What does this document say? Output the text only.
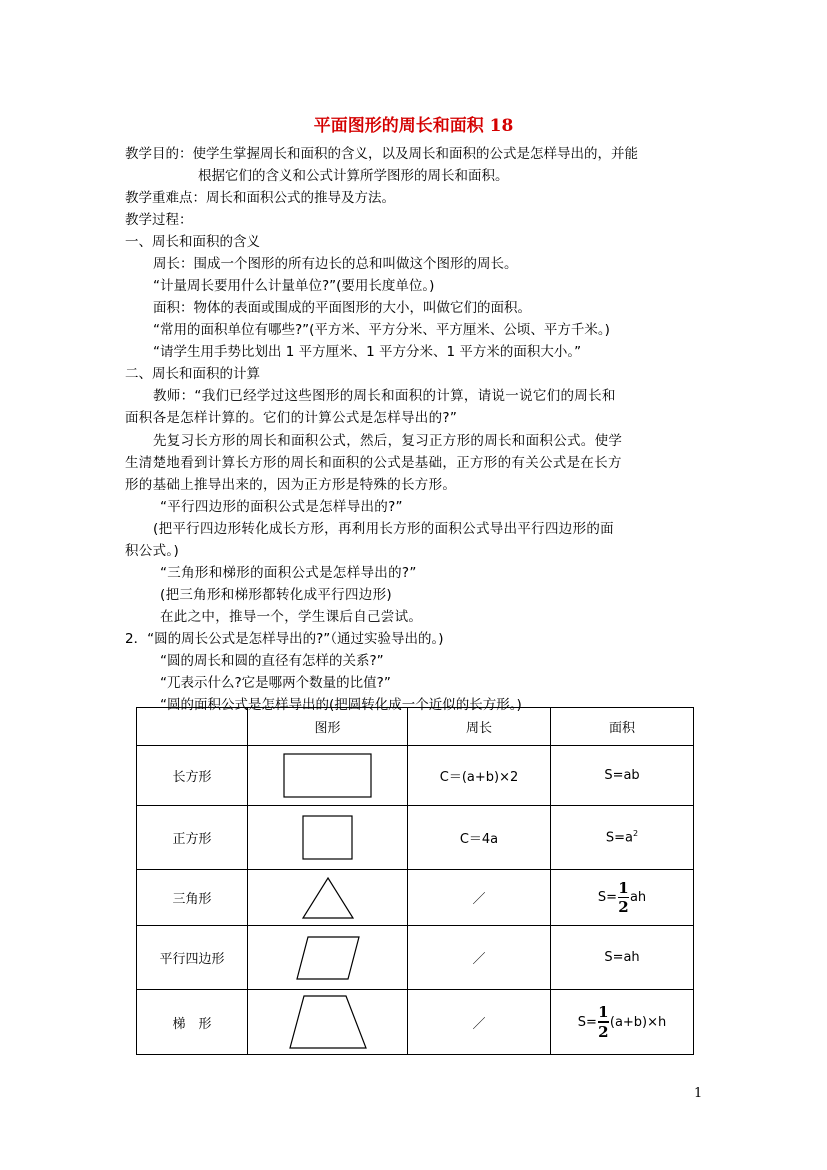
平面图形的周长和面积 18
教学目的：使学生掌握周长和面积的含义，以及周长和面积的公式是怎样导出的，并能
根据它们的含义和公式计算所学图形的周长和面积。
教学重难点：周长和面积公式的推导及方法。
教学过程：
一、周长和面积的含义
周长：围成一个图形的所有边长的总和叫做这个图形的周长。
“计量周长要用什么计量单位?”(要用长度单位。)
面积：物体的表面或围成的平面图形的大小，叫做它们的面积。
“常用的面积单位有哪些?”(平方米、平方分米、平方厘米、公顷、平方千米。)
“请学生用手势比划出 1 平方厘米、1 平方分米、1 平方米的面积大小。”
二、周长和面积的计算
教师：“我们已经学过这些图形的周长和面积的计算，请说一说它们的周长和
面积各是怎样计算的。它们的计算公式是怎样导出的?”
先复习长方形的周长和面积公式，然后，复习正方形的周长和面积公式。使学
生清楚地看到计算长方形的周长和面积的公式是基础，正方形的有关公式是在长方
形的基础上推导出来的，因为正方形是特殊的长方形。
“平行四边形的面积公式是怎样导出的?”
(把平行四边形转化成长方形，再利用长方形的面积公式导出平行四边形的面
积公式。)
“三角形和梯形的面积公式是怎样导出的?”
(把三角形和梯形都转化成平行四边形)
在此之中，推导一个，学生课后自己尝试。
2．“圆的周长公式是怎样导出的?”（通过实验导出的。)
“圆的周长和圆的直径有怎样的关系?”
“兀表示什么?它是哪两个数量的比值?”
“圆的面积公式是怎样导出的(把圆转化成一个近似的长方形。)
	图形	周长	面积
长方形		C＝(a+b)×2	S=ab
正方形		C＝4a	$S=a^2$
三角形		／	$S= \frac{1}{2}$ ah

平行四边形		／	S=ah
梯　形		／	$S= \frac{1}{2} (a+b)\times h$
1
